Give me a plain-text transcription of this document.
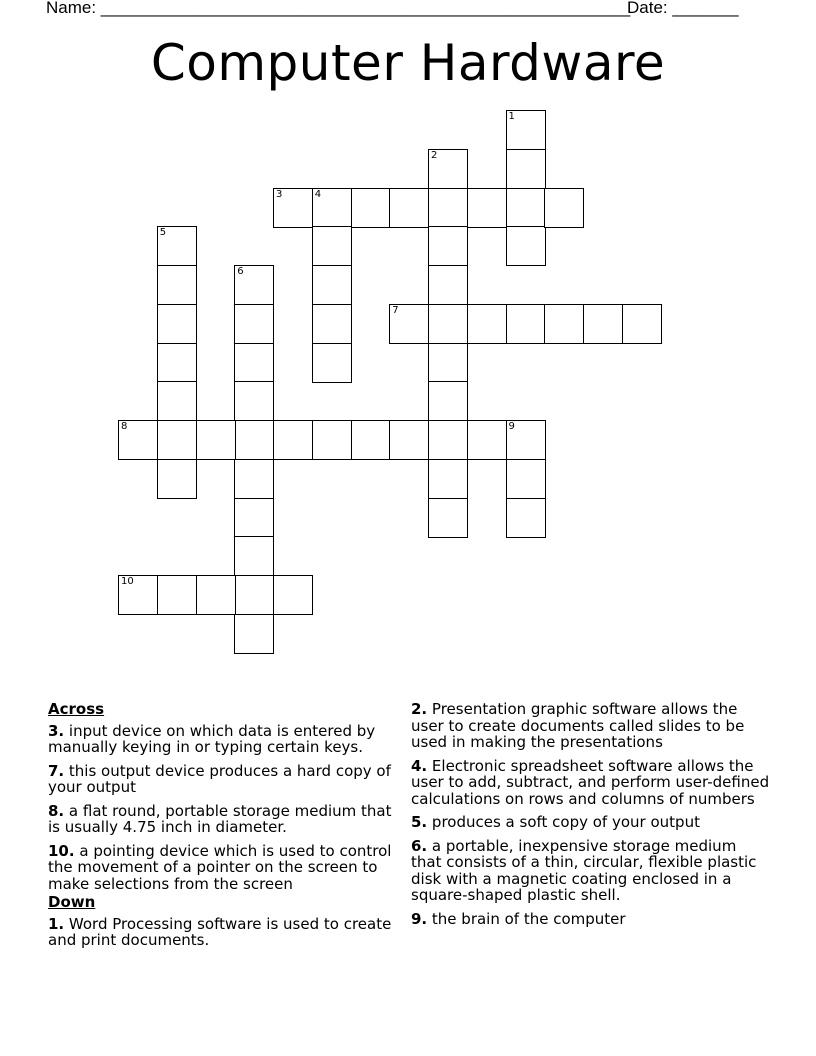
Name: ________________________________________________________
Date: _______
Computer Hardware
1
2
3	4
5
6
7
8	9
10
Across
3. input device on which data is entered by manually keying in or typing certain keys.
7. this output device produces a hard copy of your output
8. a flat round, portable storage medium that is usually 4.75 inch in diameter.
10. a pointing device which is used to control the movement of a pointer on the screen to make selections from the screen
Down
1. Word Processing software is used to create and print documents.
2. Presentation graphic software allows the user to create documents called slides to be used in making the presentations
4. Electronic spreadsheet software allows the user to add, subtract, and perform user-defined calculations on rows and columns of numbers
5. produces a soft copy of your output
6. a portable, inexpensive storage medium that consists of a thin, circular, flexible plastic disk with a magnetic coating enclosed in a square-shaped plastic shell.
9. the brain of the computer
